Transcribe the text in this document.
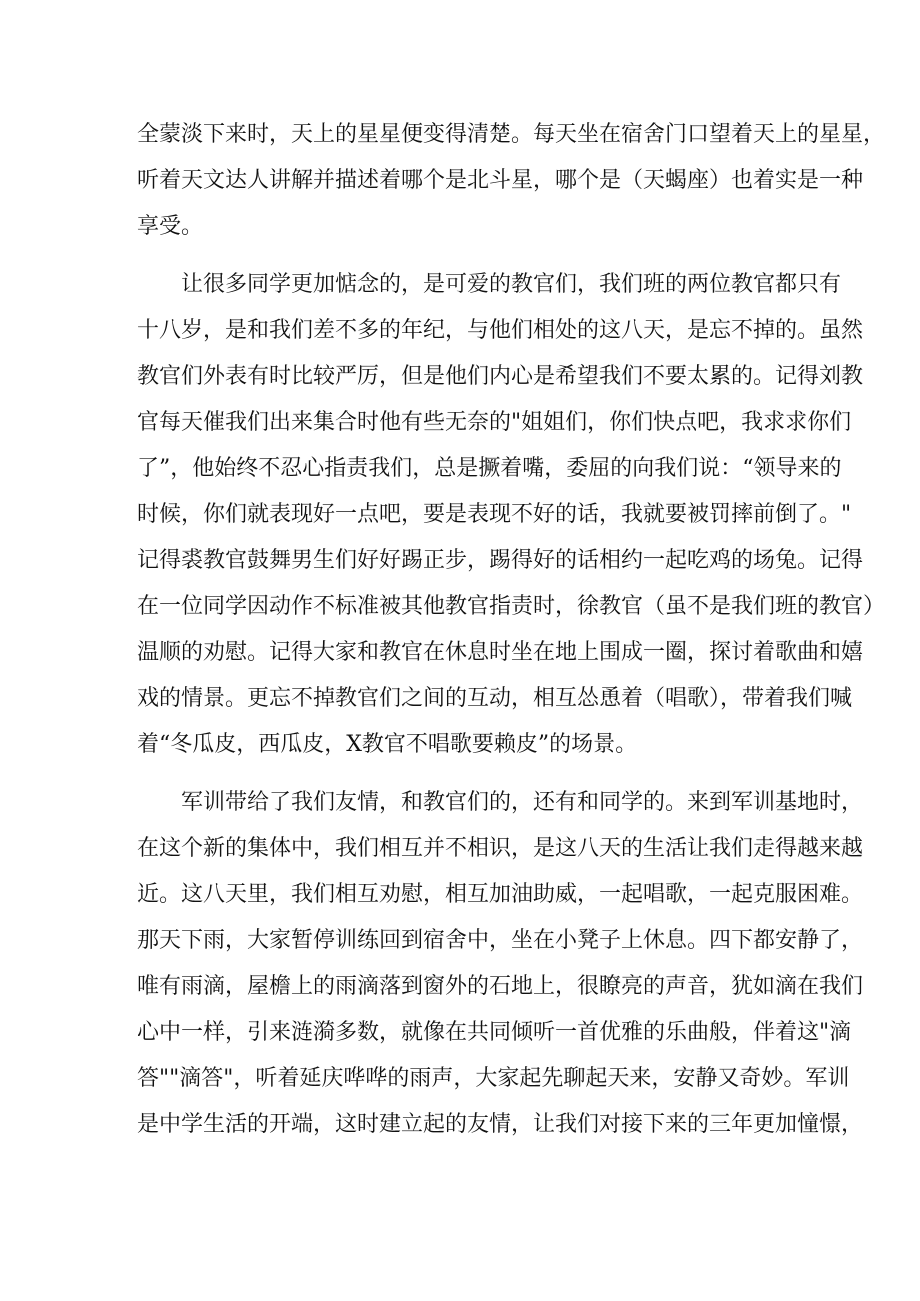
全蒙淡下来时，天上的星星便变得清楚。每天坐在宿舍门口望着天上的星星，
听着天文达人讲解并描述着哪个是北斗星，哪个是（天蝎座）也着实是一种
享受。
让很多同学更加惦念的，是可爱的教官们，我们班的两位教官都只有
十八岁，是和我们差不多的年纪，与他们相处的这八天，是忘不掉的。虽然
教官们外表有时比较严厉，但是他们内心是希望我们不要太累的。记得刘教
官每天催我们出来集合时他有些无奈的"姐姐们，你们快点吧，我求求你们
了”，他始终不忍心指责我们，总是撅着嘴，委屈的向我们说：“领导来的
时候，你们就表现好一点吧，要是表现不好的话，我就要被罚摔前倒了。"
记得裘教官鼓舞男生们好好踢正步，踢得好的话相约一起吃鸡的场兔。记得
在一位同学因动作不标准被其他教官指责时，徐教官（虽不是我们班的教官）
温顺的劝慰。记得大家和教官在休息时坐在地上围成一圈，探讨着歌曲和嬉
戏的情景。更忘不掉教官们之间的互动，相互怂恿着（唱歌），带着我们喊
着“冬瓜皮，西瓜皮，X教官不唱歌要赖皮”的场景。
军训带给了我们友情，和教官们的，还有和同学的。来到军训基地时，
在这个新的集体中，我们相互并不相识，是这八天的生活让我们走得越来越
近。这八天里，我们相互劝慰，相互加油助威，一起唱歌，一起克服困难。
那天下雨，大家暂停训练回到宿舍中，坐在小凳子上休息。四下都安静了，
唯有雨滴，屋檐上的雨滴落到窗外的石地上，很瞭亮的声音，犹如滴在我们
心中一样，引来涟漪多数，就像在共同倾听一首优雅的乐曲般，伴着这"滴
答""滴答"，听着延庆哗哗的雨声，大家起先聊起天来，安静又奇妙。军训
是中学生活的开端，这时建立起的友情，让我们对接下来的三年更加憧憬，
